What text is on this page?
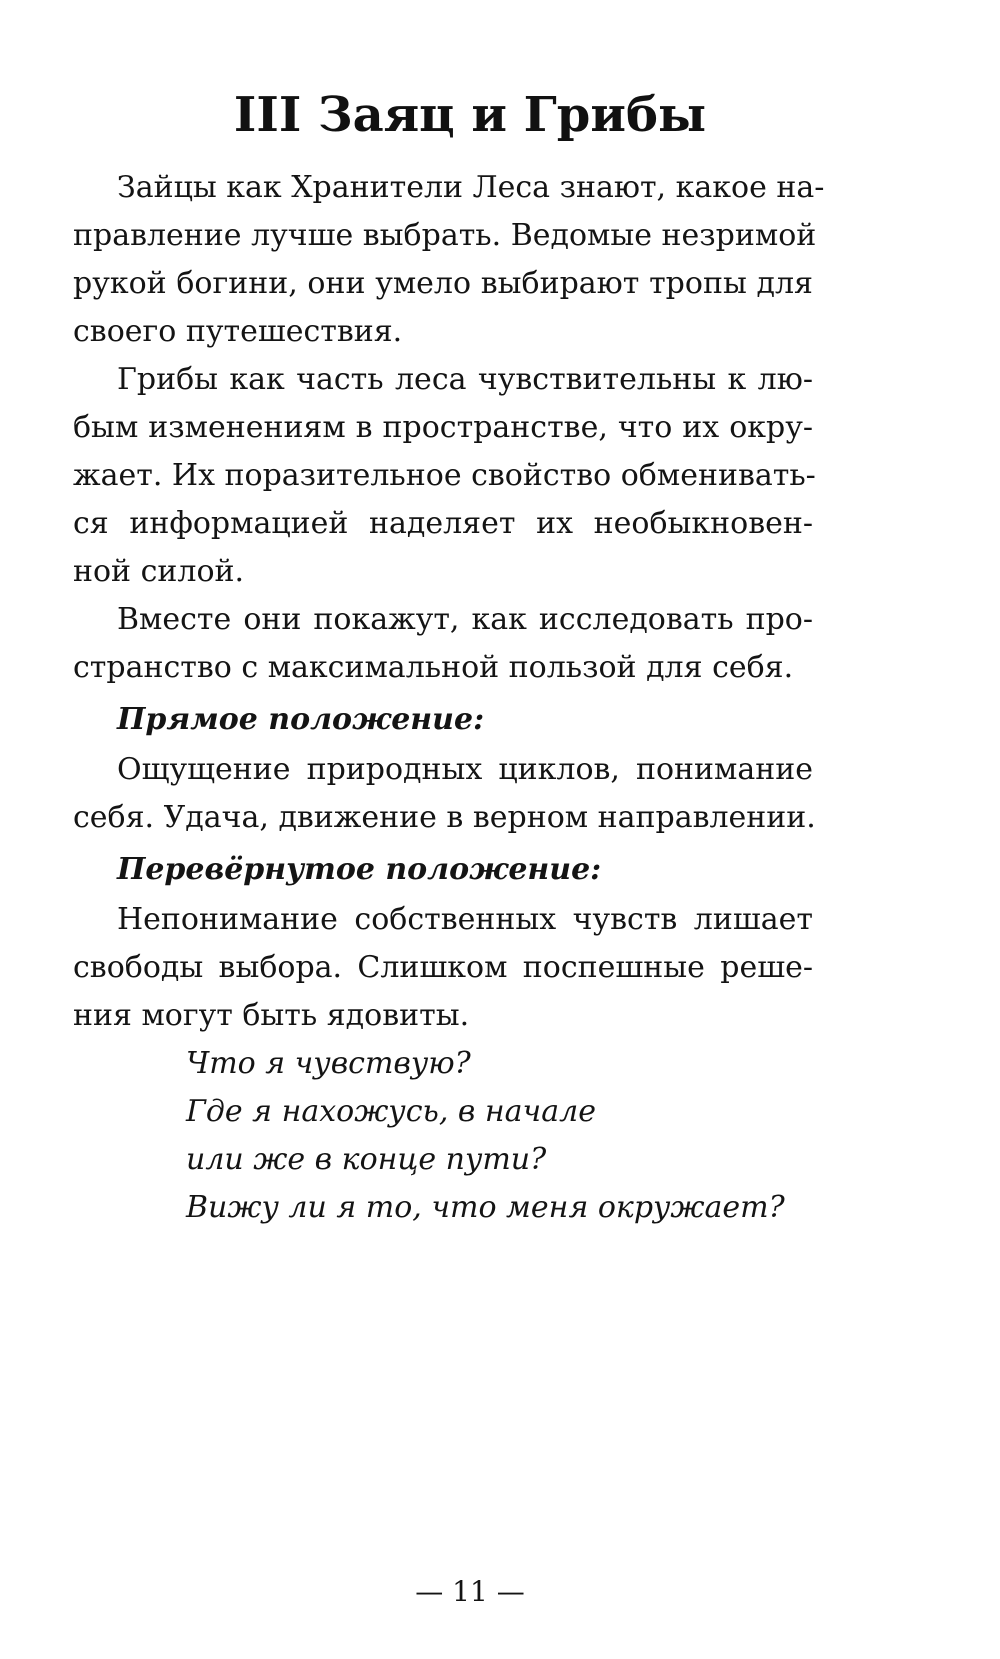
III Заяц и Грибы
Зайцы как Хранители Леса знают, какое на-
правление лучше выбрать. Ведомые незримой
рукой богини, они умело выбирают тропы для
своего путешествия.
Грибы как часть леса чувствительны к лю-
бым изменениям в пространстве, что их окру-
жает. Их поразительное свойство обменивать-
ся информацией наделяет их необыкновен-
ной силой.
Вместе они покажут, как исследовать про-
странство с максимальной пользой для себя.
Прямое положение:
Ощущение природных циклов, понимание
себя. Удача, движение в верном направлении.
Перевёрнутое положение:
Непонимание собственных чувств лишает
свободы выбора. Слишком поспешные реше-
ния могут быть ядовиты.
Что я чувствую?
Где я нахожусь, в начале
или же в конце пути?
Вижу ли я то, что меня окружает?
— 11 —
